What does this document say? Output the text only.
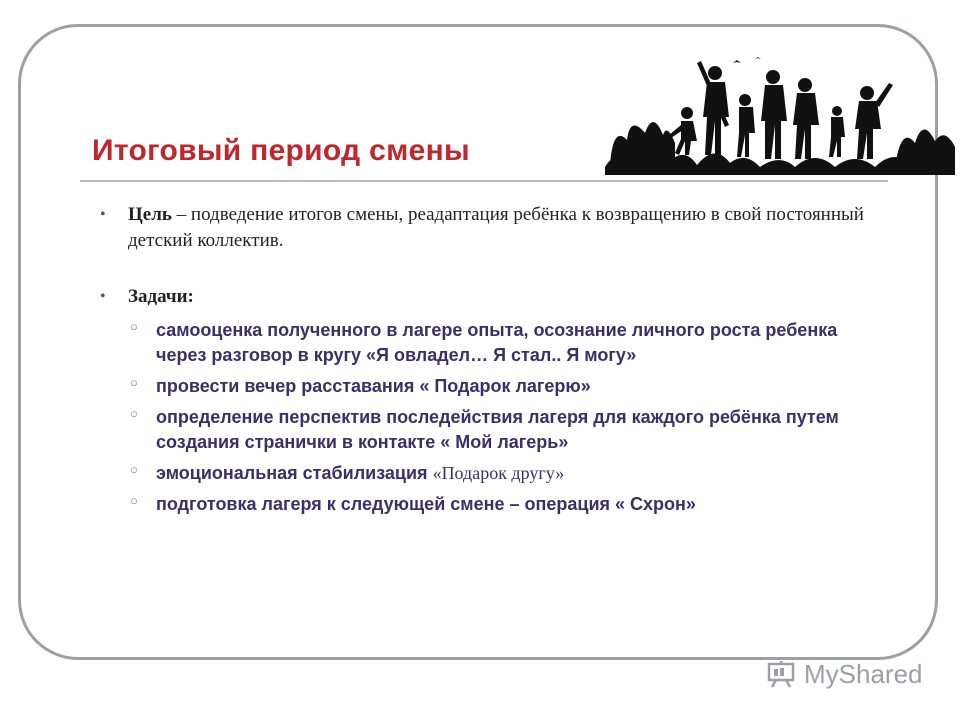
Итоговый период смены
• Цель – подведение итогов смены, реадаптация ребёнка к возвращению в свой постоянный детский коллектив.
• Задачи:
○ самооценка полученного в лагере опыта, осознание личного роста ребенка через разговор в кругу «Я овладел… Я стал.. Я могу»
○ провести вечер расставания « Подарок лагерю»
○ определение перспектив последействия лагеря для каждого ребёнка путем создания странички в контакте « Мой лагерь»
○ эмоциональная стабилизация «Подарок другу»
○ подготовка лагеря к следующей смене – операция « Схрон»
MyShared
